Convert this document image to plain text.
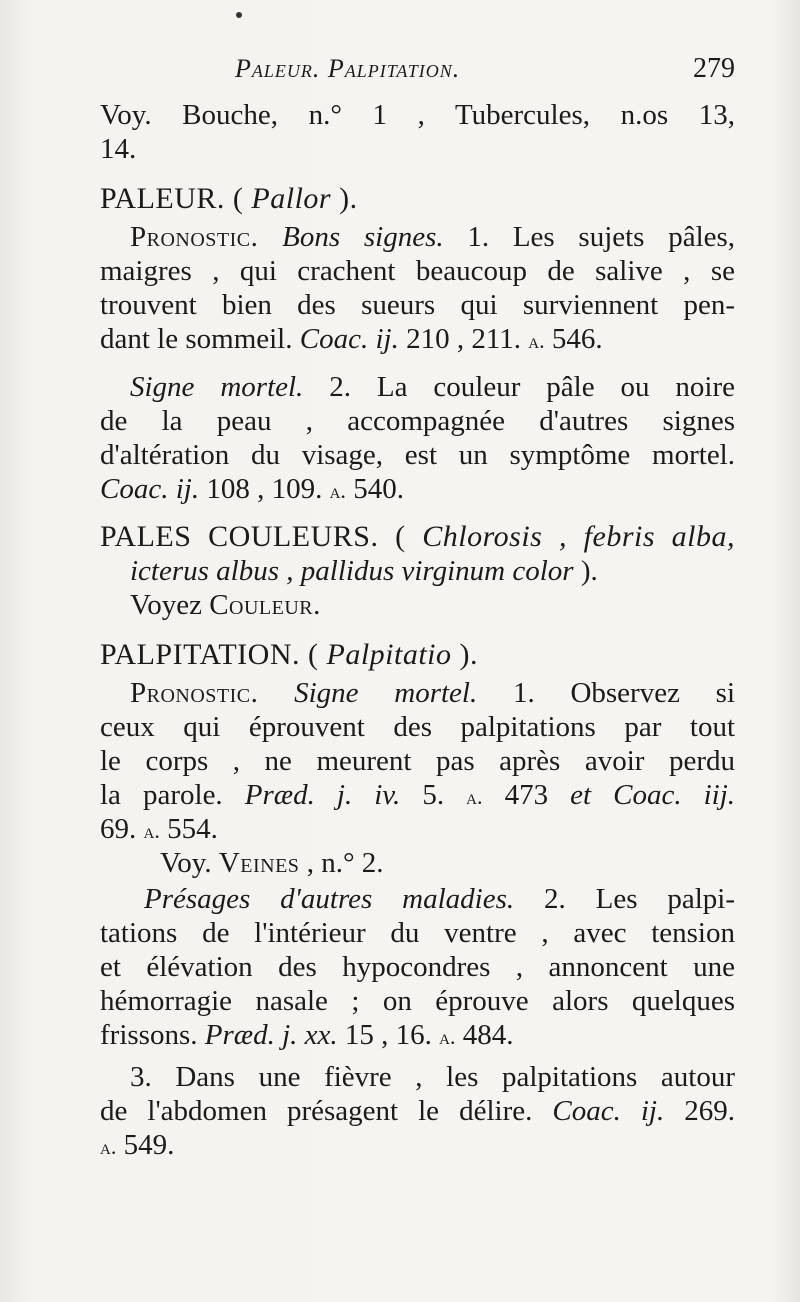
Paleur. Palpitation.	279
Voy. Bouche, n.° 1 , Tubercules, n.os 13,
14.
PALEUR. ( Pallor ).
Pronostic. Bons signes. 1. Les sujets pâles,
maigres , qui crachent beaucoup de salive , se
trouvent bien des sueurs qui surviennent pen-
dant le sommeil. Coac. ij. 210 , 211. a. 546.
Signe mortel. 2. La couleur pâle ou noire
de la peau , accompagnée d'autres signes
d'altération du visage, est un symptôme mortel.
Coac. ij. 108 , 109. a. 540.
PALES COULEURS. ( Chlorosis , febris alba,
icterus albus , pallidus virginum color ).
Voyez Couleur.
PALPITATION. ( Palpitatio ).
Pronostic. Signe mortel. 1. Observez si
ceux qui éprouvent des palpitations par tout
le corps , ne meurent pas après avoir perdu
la parole. Præd. j. iv. 5. a. 473 et Coac. iij.
69. a. 554.
Voy. Veines , n.° 2.
Présages d'autres maladies. 2. Les palpi-
tations de l'intérieur du ventre , avec tension
et élévation des hypocondres , annoncent une
hémorragie nasale ; on éprouve alors quelques
frissons. Præd. j. xx. 15 , 16. a. 484.
3. Dans une fièvre , les palpitations autour
de l'abdomen présagent le délire. Coac. ij. 269.
a. 549.
